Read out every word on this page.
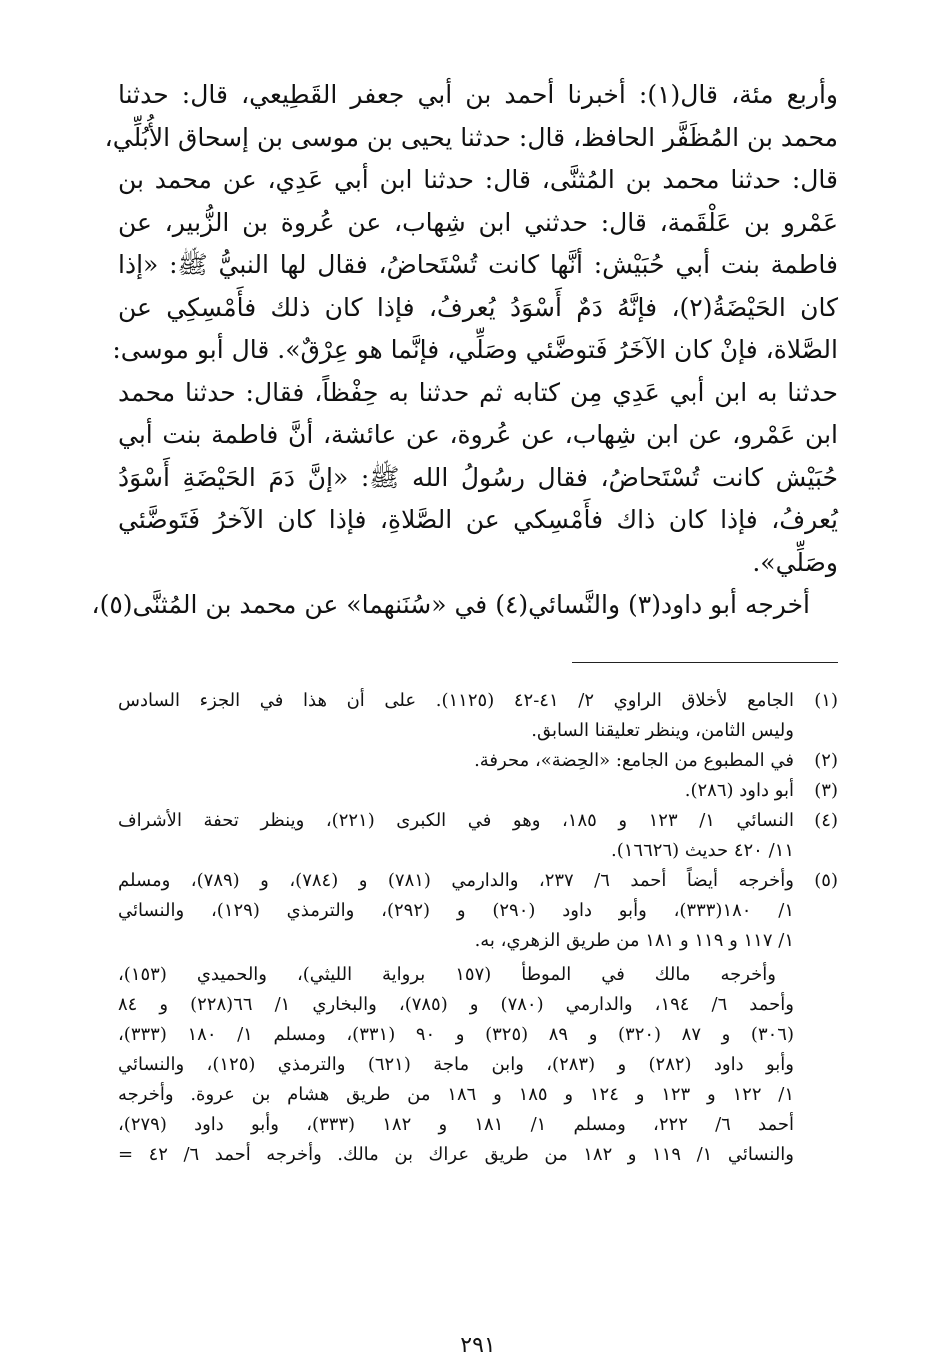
وأربع مئة، قال(١): أخبرنا أحمد بن أبي جعفر القَطِيعي، قال: حدثنا
محمد بن المُظَفَّر الحافظ، قال: حدثنا يحيى بن موسى بن إسحاق الأُبُلِّي،
قال: حدثنا محمد بن المُثنَّى، قال: حدثنا ابن أبي عَدِي، عن محمد بن
عَمْرو بن عَلْقَمة، قال: حدثني ابن شِهاب، عن عُروة بن الزُّبير، عن
فاطمة بنت أبي حُبَيْش: أنَّها كانت تُسْتَحاضُ، فقال لها النبيُّ ﷺ: «إذا
كان الحَيْضَةُ(٢)، فإنَّهُ دَمٌ أَسْوَدُ يُعرفُ، فإذا كان ذلك فأَمْسِكِي عن
الصَّلاة، فإنْ كان الآخَرُ فَتوضَّئي وصَلِّي، فإنَّما هو عِرْقٌ». قال أبو موسى:
حدثنا به ابن أبي عَدِي مِن كتابه ثم حدثنا به حِفْظاً، فقال: حدثنا محمد
ابن عَمْرو، عن ابن شِهاب، عن عُروة، عن عائشة، أنَّ فاطمة بنت أبي
حُبَيْش كانت تُسْتَحاضُ، فقال رسُولُ الله ﷺ: «إنَّ دَمَ الحَيْضَةِ أَسْوَدُ
يُعرفُ، فإذا كان ذاك فأَمْسِكي عن الصَّلاةِ، فإذا كان الآخرُ فَتَوضَّئي
وصَلِّي».
أخرجه أبو داود(٣) والنَّسائي(٤) في «سُنَنهما» عن محمد بن المُثنَّى(٥)،
(١)
الجامع لأخلاق الراوي ٢/ ٤١-٤٢ (١١٢٥). على أن هذا في الجزء السادس
وليس الثامن، وينظر تعليقنا السابق.
(٢)
في المطبوع من الجامع: «الحِضة»، محرفة.
(٣)
أبو داود (٢٨٦).
(٤)
النسائي ١/ ١٢٣ و ١٨٥، وهو في الكبرى (٢٢١)، وينظر تحفة الأشراف
١١/ ٤٢٠ حديث (١٦٦٢٦).
(٥)
وأخرجه أيضاً أحمد ٦/ ٢٣٧، والدارمي (٧٨١) و (٧٨٤)، و (٧٨٩)، ومسلم
١/ ١٨٠(٣٣٣)، وأبو داود (٢٩٠) و (٢٩٢)، والترمذي (١٢٩)، والنسائي
١/ ١١٧ و ١١٩ و ١٨١ من طريق الزهري، به.
وأخرجه مالك في الموطأ (١٥٧ برواية الليثي)، والحميدي (١٥٣)،
وأحمد ٦/ ١٩٤، والدارمي (٧٨٠) و (٧٨٥)، والبخاري ١/ ٦٦(٢٢٨) و ٨٤
(٣٠٦) و ٨٧ (٣٢٠) و ٨٩ (٣٢٥) و ٩٠ (٣٣١)، ومسلم ١/ ١٨٠ (٣٣٣)،
وأبو داود (٢٨٢) و (٢٨٣)، وابن ماجة (٦٢١) والترمذي (١٢٥)، والنسائي
١/ ١٢٢ و ١٢٣ و ١٢٤ و ١٨٥ و ١٨٦ من طريق هشام بن عروة. وأخرجه
أحمد ٦/ ٢٢٢، ومسلم ١/ ١٨١ و ١٨٢ (٣٣٣)، وأبو داود (٢٧٩)،
والنسائي ١/ ١١٩ و ١٨٢ من طريق عراك بن مالك. وأخرجه أحمد ٦/ ٤٢ =
٢٩١
